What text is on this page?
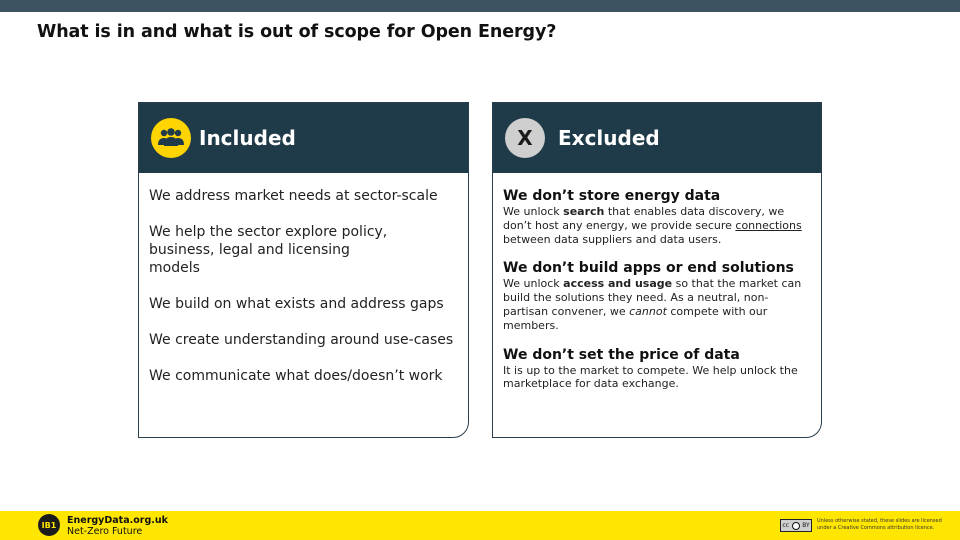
What is in and what is out of scope for Open Energy?
Included
We address market needs at sector-scale
We help the sector explore policy, business, legal and licensing models
We build on what exists and address gaps
We create understanding around use-cases
We communicate what does/doesn’t work
X Excluded
We don’t store energy data

We unlock search that enables data discovery, we don’t host any energy, we provide secure connections between data suppliers and data users.

We don’t build apps or end solutions

We unlock access and usage so that the market can build the solutions they need. As a neutral, non-partisan convener, we cannot compete with our members.

We don’t set the price of data

It is up to the market to compete. We help unlock the marketplace for data exchange.

IB1	EnergyData.org.uk
Net-Zero Future
cc BY
Unless otherwise stated, these slides are licensed under a Creative Commons attribution licence.
